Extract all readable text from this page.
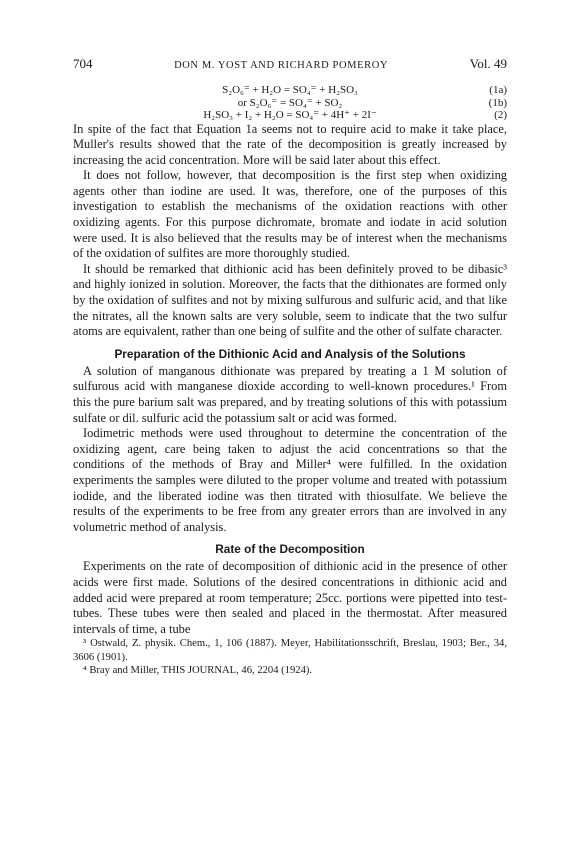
704	DON M. YOST AND RICHARD POMEROY	Vol. 49
S₂O₆⁼ + H₂O = SO₄⁼ + H₂SO₃	(1a)
or S₂O₆⁼ = SO₄⁼ + SO₂	(1b)
H₂SO₃ + I₂ + H₂O = SO₄⁼ + 4H⁺ + 2I⁻	(2)

In spite of the fact that Equation 1a seems not to require acid to make it take place, Muller's results showed that the rate of the decomposition is greatly increased by increasing the acid concentration. More will be said later about this effect.

It does not follow, however, that decomposition is the first step when oxidizing agents other than iodine are used. It was, therefore, one of the purposes of this investigation to establish the mechanisms of the oxidation reactions with other oxidizing agents. For this purpose dichromate, bromate and iodate in acid solution were used. It is also believed that the results may be of interest when the mechanisms of the oxidation of sulfites are more thoroughly studied.

It should be remarked that dithionic acid has been definitely proved to be dibasic³ and highly ionized in solution. Moreover, the facts that the dithionates are formed only by the oxidation of sulfites and not by mixing sulfurous and sulfuric acid, and that like the nitrates, all the known salts are very soluble, seem to indicate that the two sulfur atoms are equivalent, rather than one being of sulfite and the other of sulfate character.

Preparation of the Dithionic Acid and Analysis of the Solutions

A solution of manganous dithionate was prepared by treating a 1 M solution of sulfurous acid with manganese dioxide according to well-known procedures.¹ From this the pure barium salt was prepared, and by treating solutions of this with potassium sulfate or dil. sulfuric acid the potassium salt or acid was formed.

Iodimetric methods were used throughout to determine the concentration of the oxidizing agent, care being taken to adjust the acid concentrations so that the conditions of the methods of Bray and Miller⁴ were fulfilled. In the oxidation experiments the samples were diluted to the proper volume and treated with potassium iodide, and the liberated iodine was then titrated with thiosulfate. We believe the results of the experiments to be free from any greater errors than are involved in any volumetric method of analysis.

Rate of the Decomposition

Experiments on the rate of decomposition of dithionic acid in the presence of other acids were first made. Solutions of the desired concentrations in dithionic acid and added acid were prepared at room temperature; 25cc. portions were pipetted into test-tubes. These tubes were then sealed and placed in the thermostat. After measured intervals of time, a tube

³ Ostwald, Z. physik. Chem., 1, 106 (1887). Meyer, Habilitationsschrift, Breslau, 1903; Ber., 34, 3606 (1901).

⁴ Bray and Miller, THIS JOURNAL, 46, 2204 (1924).
